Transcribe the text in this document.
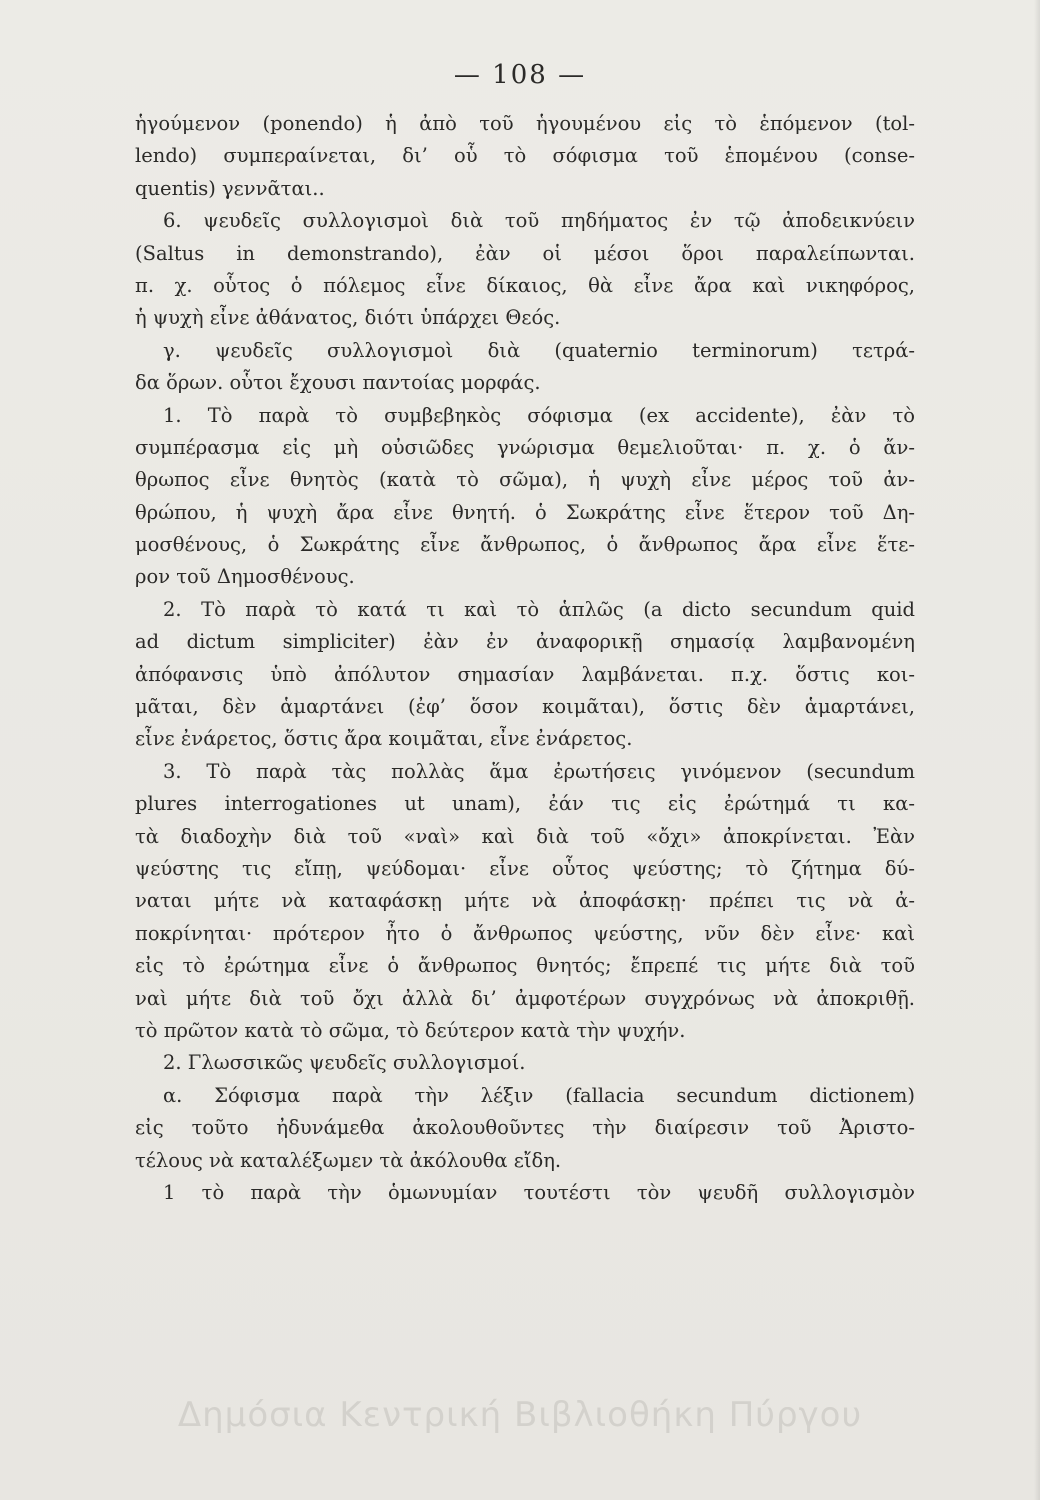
— 108 —
ἡγούμενον (ponendo) ἡ ἀπὸ τοῦ ἡγουμένου εἰς τὸ ἑπόμενον (tol-
lendo) συμπεραίνεται, δι’ οὗ τὸ σόφισμα τοῦ ἑπομένου (conse-
quentis) γεννᾶται..
6. ψευδεῖς συλλογισμοὶ διὰ τοῦ πηδήματος ἐν τῷ ἀποδεικνύειν
(Saltus in demonstrando), ἐὰν οἱ μέσοι ὅροι παραλείπωνται.
π. χ. οὗτος ὁ πόλεμος εἶνε δίκαιος, θὰ εἶνε ἄρα καὶ νικηφόρος,
ἡ ψυχὴ εἶνε ἀθάνατος, διότι ὑπάρχει Θεός.
γ. ψευδεῖς συλλογισμοὶ διὰ (quaternio terminorum) τετρά-
δα ὅρων. οὗτοι ἔχουσι παντοίας μορφάς.
1. Τὸ παρὰ τὸ συμβεβηκὸς σόφισμα (ex accidente), ἐὰν τὸ
συμπέρασμα εἰς μὴ οὐσιῶδες γνώρισμα θεμελιοῦται· π. χ. ὁ ἄν-
θρωπος εἶνε θνητὸς (κατὰ τὸ σῶμα), ἡ ψυχὴ εἶνε μέρος τοῦ ἀν-
θρώπου, ἡ ψυχὴ ἄρα εἶνε θνητή. ὁ Σωκράτης εἶνε ἕτερον τοῦ Δη-
μοσθένους, ὁ Σωκράτης εἶνε ἄνθρωπος, ὁ ἄνθρωπος ἄρα εἶνε ἕτε-
ρον τοῦ Δημοσθένους.
2. Τὸ παρὰ τὸ κατά τι καὶ τὸ ἁπλῶς (a dicto secundum quid
ad dictum simpliciter) ἐὰν ἐν ἀναφορικῇ σημασίᾳ λαμβανομένη
ἀπόφανσις ὑπὸ ἀπόλυτον σημασίαν λαμβάνεται. π.χ. ὅστις κοι-
μᾶται, δὲν ἁμαρτάνει (ἐφ’ ὅσον κοιμᾶται), ὅστις δὲν ἁμαρτάνει,
εἶνε ἐνάρετος, ὅστις ἄρα κοιμᾶται, εἶνε ἐνάρετος.
3. Τὸ παρὰ τὰς πολλὰς ἅμα ἐρωτήσεις γινόμενον (secundum
plures interrogationes ut unam), ἐάν τις εἰς ἐρώτημά τι κα-
τὰ διαδοχὴν διὰ τοῦ «ναὶ» καὶ διὰ τοῦ «ὄχι» ἀποκρίνεται. Ἐὰν
ψεύστης τις εἴπῃ, ψεύδομαι· εἶνε οὗτος ψεύστης; τὸ ζήτημα δύ-
ναται μήτε νὰ καταφάσκῃ μήτε νὰ ἀποφάσκῃ· πρέπει τις νὰ ἀ-
ποκρίνηται· πρότερον ἦτο ὁ ἄνθρωπος ψεύστης, νῦν δὲν εἶνε· καὶ
εἰς τὸ ἐρώτημα εἶνε ὁ ἄνθρωπος θνητός; ἔπρεπέ τις μήτε διὰ τοῦ
ναὶ μήτε διὰ τοῦ ὄχι ἀλλὰ δι’ ἀμφοτέρων συγχρόνως νὰ ἀποκριθῇ.
τὸ πρῶτον κατὰ τὸ σῶμα, τὸ δεύτερον κατὰ τὴν ψυχήν.
2. Γλωσσικῶς ψευδεῖς συλλογισμοί.
α. Σόφισμα παρὰ τὴν λέξιν (fallacia secundum dictionem)
εἰς τοῦτο ἠδυνάμεθα ἀκολουθοῦντες τὴν διαίρεσιν τοῦ Ἀριστο-
τέλους νὰ καταλέξωμεν τὰ ἀκόλουθα εἴδη.
1 τὸ παρὰ τὴν ὁμωνυμίαν τουτέστι τὸν ψευδῆ συλλογισμὸν
Δημόσια Κεντρική Βιβλιοθήκη Πύργου
